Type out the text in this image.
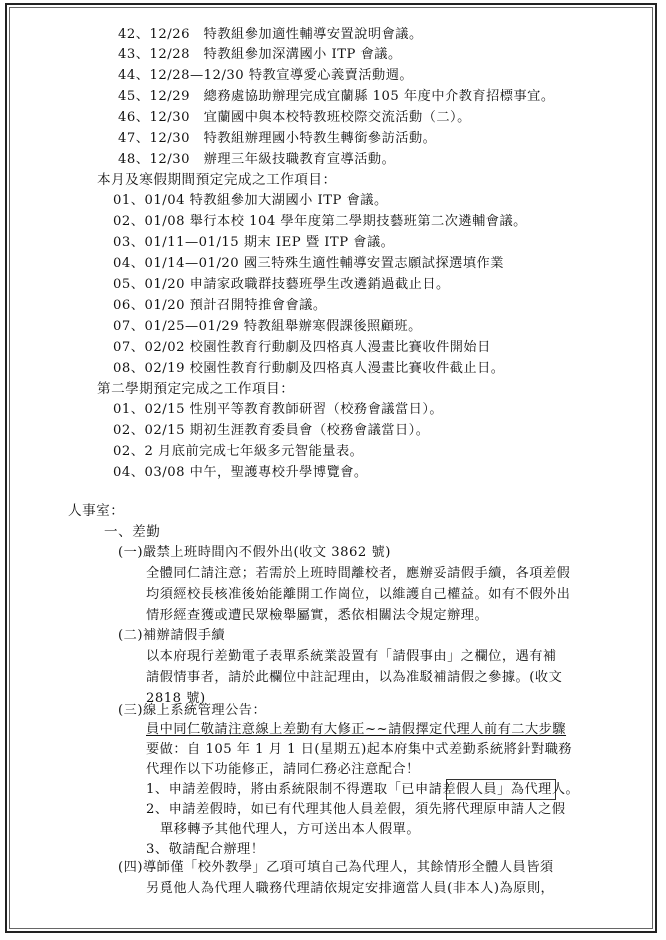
42、12/26　特教組參加適性輔導安置說明會議。
43、12/28　特教組參加深溝國小 ITP 會議。
44、12/28—12/30 特教宣導愛心義賣活動週。
45、12/29　總務處協助辦理完成宜蘭縣 105 年度中介教育招標事宜。
46、12/30　宜蘭國中與本校特教班校際交流活動（二）。
47、12/30　特教組辦理國小特教生轉銜參訪活動。
48、12/30　辦理三年級技職教育宣導活動。
本月及寒假期間預定完成之工作項目：
01、01/04 特教組參加大湖國小 ITP 會議。
02、01/08 舉行本校 104 學年度第二學期技藝班第二次遴輔會議。
03、01/11—01/15 期末 IEP 暨 ITP 會議。
04、01/14—01/20 國三特殊生適性輔導安置志願試探選填作業
05、01/20 申請家政職群技藝班學生改遴銷過截止日。
06、01/20 預計召開特推會會議。
07、01/25—01/29 特教組舉辦寒假課後照顧班。
07、02/02 校園性教育行動劇及四格真人漫畫比賽收件開始日
08、02/19 校園性教育行動劇及四格真人漫畫比賽收件截止日。
第二學期預定完成之工作項目：
01、02/15 性別平等教育教師研習（校務會議當日）。
02、02/15 期初生涯教育委員會（校務會議當日）。
02、2 月底前完成七年級多元智能量表。
04、03/08 中午，聖護專校升學博覽會。
人事室：
一、差勤
(一)嚴禁上班時間內不假外出(收文 3862 號)
全體同仁請注意；若需於上班時間離校者，應辦妥請假手續，各項差假
均須經校長核准後始能離開工作崗位，以維護自己權益。如有不假外出
情形經查獲或遭民眾檢舉屬實，悉依相關法令規定辦理。
(二)補辦請假手續
以本府現行差勤電子表單系統業設置有「請假事由」之欄位，遇有補
請假情事者，請於此欄位中註記理由，以為准駁補請假之參據。(收文
2818 號)
(三)線上系統管理公告：
員中同仁敬請注意線上差勤有大修正~~請假擇定代理人前有二大步驟
要做：自 105 年 1 月 1 日(星期五)起本府集中式差勤系統將針對職務
代理作以下功能修正，請同仁務必注意配合！
1、申請差假時，將由系統限制不得選取「已申請差假人員」為代理人。
2、申請差假時，如已有代理其他人員差假，須先將代理原申請人之假
單移轉予其他代理人，方可送出本人假單。
3、敬請配合辦理！
(四)導師僅「校外教學」乙項可填自己為代理人，其餘情形全體人員皆須
另覓他人為代理人職務代理請依規定安排適當人員(非本人)為原則，
